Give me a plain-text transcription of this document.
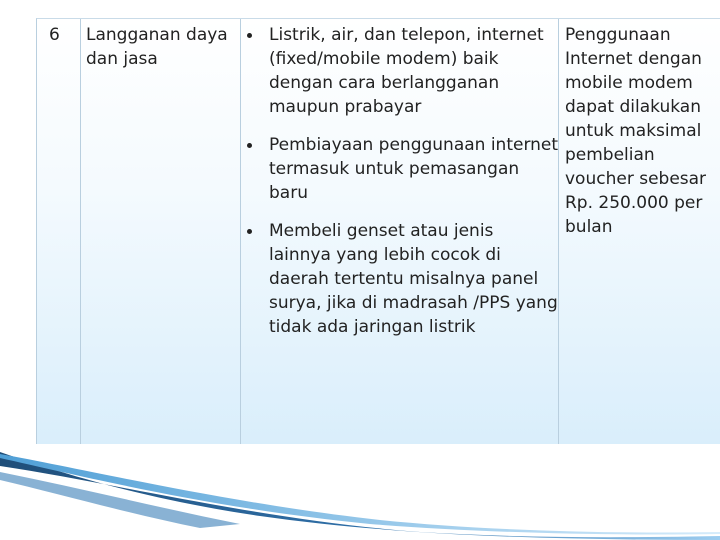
6 Langganan daya dan jasa
Listrik, air, dan telepon, internet (fixed/mobile modem) baik dengan cara berlangganan maupun prabayar
Pembiayaan penggunaan internet termasuk untuk pemasangan baru
Membeli genset atau jenis lainnya yang lebih cocok di daerah tertentu misalnya panel surya, jika di madrasah /PPS yang tidak ada jaringan listrik
Penggunaan Internet dengan mobile modem dapat dilakukan untuk maksimal pembelian voucher sebesar Rp. 250.000 per bulan
